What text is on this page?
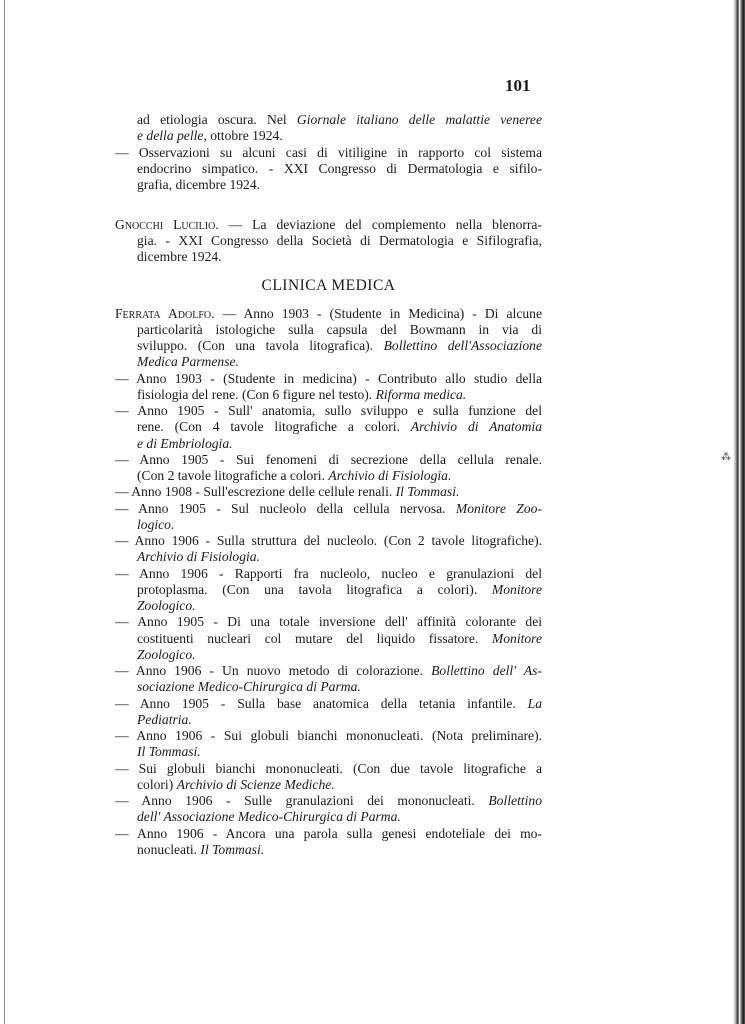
101
⁂
ad etiologia oscura. Nel Giornale italiano delle malattie veneree
e della pelle, ottobre 1924.
— Osservazioni su alcuni casi di vitiligine in rapporto col sistema
endocrino simpatico. - XXI Congresso di Dermatologia e sifilo-
grafia, dicembre 1924.
Gnocchi Lucilio. — La deviazione del complemento nella blenorra-
gia. - XXI Congresso della Società di Dermatologia e Sifilografia,
dicembre 1924.
CLINICA MEDICA
Ferrata Adolfo. — Anno 1903 - (Studente in Medicina) - Di alcune
particolarità istologiche sulla capsula del Bowmann in via di
sviluppo. (Con una tavola litografica). Bollettino dell'Associazione
Medica Parmense.
— Anno 1903 - (Studente in medicina) - Contributo allo studio della
fisiologia del rene. (Con 6 figure nel testo). Riforma medica.
— Anno 1905 - Sull' anatomia, sullo sviluppo e sulla funzione del
rene. (Con 4 tavole litografiche a colori. Archivio di Anatomia
e di Embriologia.
— Anno 1905 - Sui fenomeni di secrezione della cellula renale.
(Con 2 tavole litografiche a colori. Archivio di Fisiologia.
— Anno 1908 - Sull'escrezione delle cellule renali. Il Tommasi.
— Anno 1905 - Sul nucleolo della cellula nervosa. Monitore Zoo-
logico.
— Anno 1906 - Sulla struttura del nucleolo. (Con 2 tavole litografiche).
Archivio di Fisiologia.
— Anno 1906 - Rapporti fra nucleolo, nucleo e granulazioni del
protoplasma. (Con una tavola litografica a colori). Monitore
Zoologico.
— Anno 1905 - Di una totale inversione dell' affinità colorante dei
costituenti nucleari col mutare del liquido fissatore. Monitore
Zoologico.
— Anno 1906 - Un nuovo metodo di colorazione. Bollettino dell' As-
sociazione Medico-Chirurgica di Parma.
— Anno 1905 - Sulla base anatomica della tetania infantile. La
Pediatria.
— Anno 1906 - Sui globuli bianchi mononucleati. (Nota preliminare).
Il Tommasi.
— Sui globuli bianchi mononucleati. (Con due tavole litografiche a
colori) Archivio di Scienze Mediche.
— Anno 1906 - Sulle granulazioni dei mononucleati. Bollettino
dell' Associazione Medico-Chirurgica di Parma.
— Anno 1906 - Ancora una parola sulla genesi endoteliale dei mo-
nonucleati. Il Tommasi.
